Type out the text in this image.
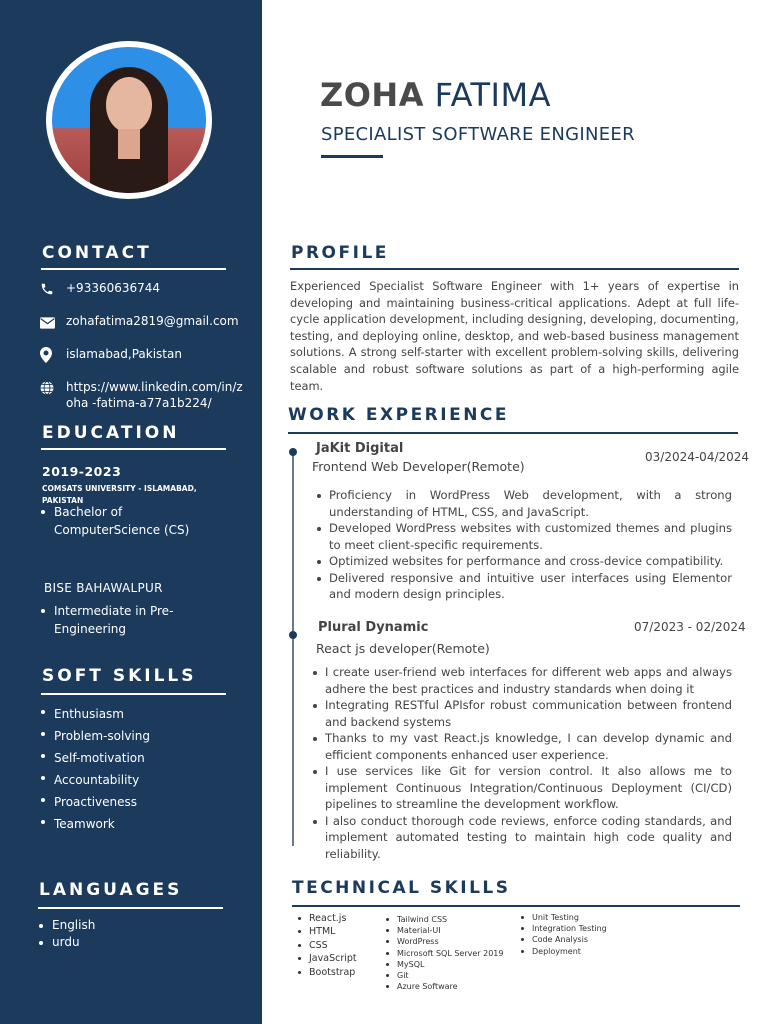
CONTACT
+93360636744
zohafatima2819@gmail.com
islamabad,Pakistan
https://www.linkedin.com/in/zoha -fatima-a77a1b224/
EDUCATION
2019-2023
COMSATS UNIVERSITY - ISLAMABAD, PAKISTAN
Bachelor of ComputerScience (CS)
BISE BAHAWALPUR
Intermediate in Pre-Engineering
SOFT SKILLS
Enthusiasm
Problem-solving
Self-motivation
Accountability
Proactiveness
Teamwork
LANGUAGES
English
urdu
ZOHA FATIMA
SPECIALIST SOFTWARE ENGINEER
PROFILE
Experienced Specialist Software Engineer with 1+ years of expertise in developing and maintaining business-critical applications. Adept at full life-cycle application development, including designing, developing, documenting, testing, and deploying online, desktop, and web-based business management solutions. A strong self-starter with excellent problem-solving skills, delivering scalable and robust software solutions as part of a high-performing agile team.
WORK EXPERIENCE
JaKit Digital
Frontend Web Developer(Remote)
03/2024-04/2024
Proficiency in WordPress Web development, with a strong understanding of HTML, CSS, and JavaScript.
Developed WordPress websites with customized themes and plugins to meet client-specific requirements.
Optimized websites for performance and cross-device compatibility.
Delivered responsive and intuitive user interfaces using Elementor and modern design principles.
Plural Dynamic
React js developer(Remote)
07/2023 - 02/2024
I create user-friend web interfaces for different web apps and always adhere the best practices and industry standards when doing it
Integrating RESTful APIsfor robust communication between frontend and backend systems
Thanks to my vast React.js knowledge, I can develop dynamic and efficient components enhanced user experience.
I use services like Git for version control. It also allows me to implement Continuous Integration/Continuous Deployment (CI/CD) pipelines to streamline the development workflow.
I also conduct thorough code reviews, enforce coding standards, and implement automated testing to maintain high code quality and reliability.
TECHNICAL SKILLS
React.js
HTML
CSS
JavaScript
Bootstrap
Tailwind CSS
Material-UI
WordPress
Microsoft SQL Server 2019
MySQL
Git
Azure Software
Unit Testing
Integration Testing
Code Analysis
Deployment
